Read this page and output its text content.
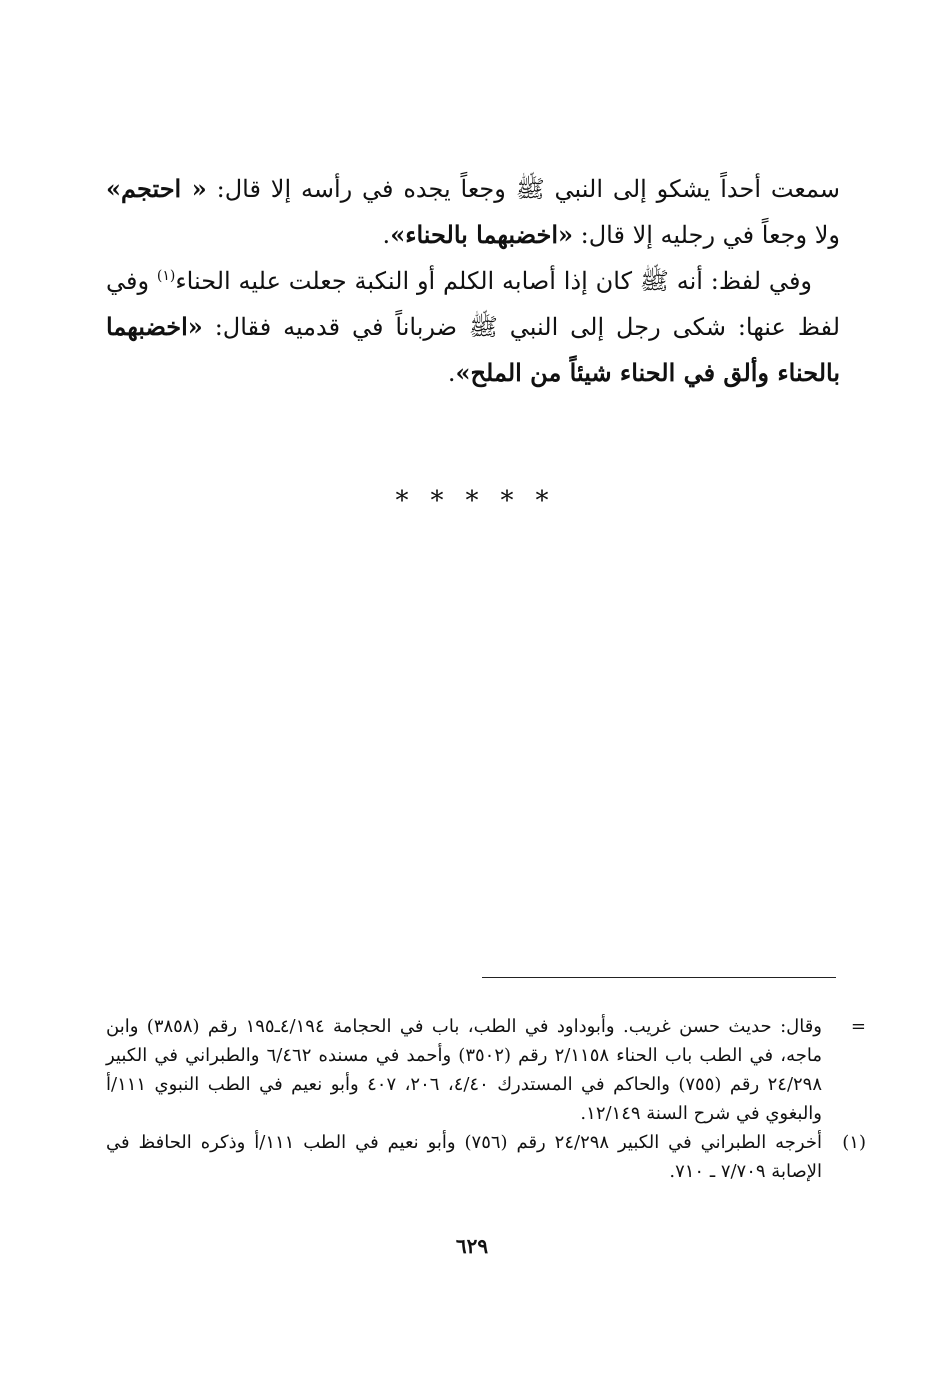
سمعت أحداً يشكو إلى النبي ﷺ وجعاً يجده في رأسه إلا قال: « احتجم» ولا وجعاً في رجليه إلا قال: «اخضبهما بالحناء».

وفي لفظ: أنه ﷺ كان إذا أصابه الكلم أو النكبة جعلت عليه الحناء$^{(١)}$ وفي لفظ عنها: شكى رجل إلى النبي ﷺ ضرباناً في قدميه فقال: «اخضبهما بالحناء وألق في الحناء شيئاً من الملح».

*****
=
وقال: حديث حسن غريب. وأبوداود في الطب، باب في الحجامة ٤/١٩٤ـ١٩٥ رقم (٣٨٥٨) وابن ماجه، في الطب باب الحناء ٢/١١٥٨ رقم (٣٥٠٢) وأحمد في مسنده ٦/٤٦٢ والطبراني في الكبير ٢٤/٢٩٨ رقم (٧٥٥) والحاكم في المستدرك ٤/٤٠، ٢٠٦، ٤٠٧ وأبو نعيم في الطب النبوي ١١١/أ والبغوي في شرح السنة ١٢/١٤٩.
(١)
أخرجه الطبراني في الكبير ٢٤/٢٩٨ رقم (٧٥٦) وأبو نعيم في الطب ١١١/أ وذكره الحافظ في الإصابة ٧/٧٠٩ ـ ٧١٠.
٦٢٩
